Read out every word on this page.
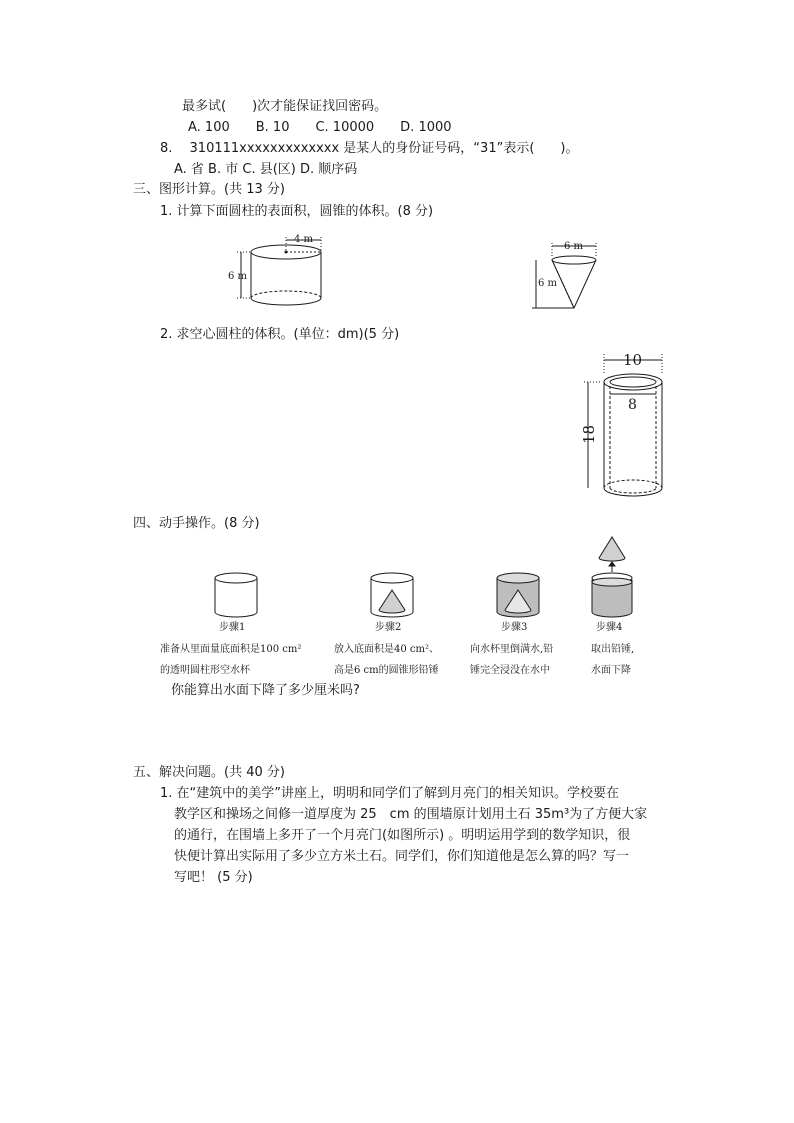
最多试(　　)次才能保证找回密码。
A. 100　　B. 10　　C. 10000　　D. 1000
8.　 310111xxxxxxxxxxxxx 是某人的身份证号码，“31”表示(　　)。
A. 省 B. 市 C. 县(区) D. 顺序码
三、图形计算。(共 13 分)
1. 计算下面圆柱的表面积，圆锥的体积。(8 分)
4 m
6 m
6 m
6 m
2. 求空心圆柱的体积。(单位：dm)(5 分)
10
8
18
四、动手操作。(8 分)
步骤1	步骤2	步骤3	步骤4
准备从里面量底面积是100 cm²
的透明圆柱形空水杯
放入底面积是40 cm²、
高是6 cm的圆锥形铅锤
向水杯里倒满水,铅
锤完全浸没在水中
取出铅锤,
水面下降
你能算出水面下降了多少厘米吗?
五、解决问题。(共 40 分)
1. 在“建筑中的美学”讲座上，明明和同学们了解到月亮门的相关知识。学校要在
教学区和操场之间修一道厚度为 25　cm 的围墙原计划用土石 35m³为了方便大家
的通行，在围墙上多开了一个月亮门(如图所示) 。明明运用学到的数学知识，很
快便计算出实际用了多少立方米土石。同学们，你们知道他是怎么算的吗？写一
写吧！ (5 分)
